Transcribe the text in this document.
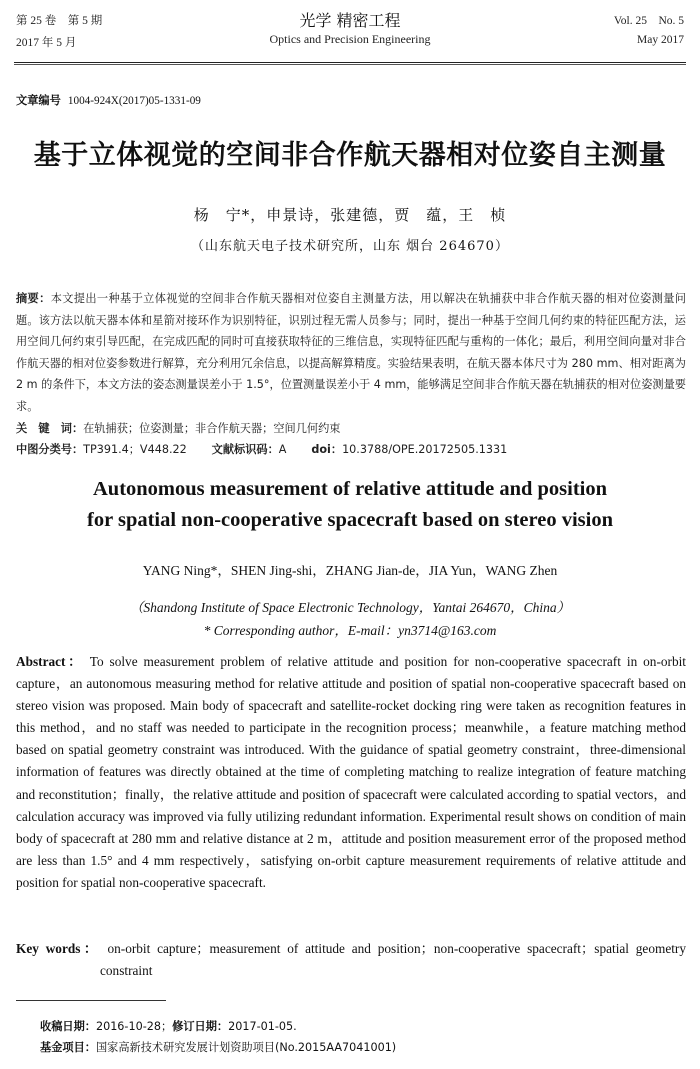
第 25 卷　第 5 期
2017 年 5 月
光学 精密工程
Optics and Precision Engineering
Vol. 25　No. 5
May 2017
文章编号 1004-924X(2017)05-1331-09
基于立体视觉的空间非合作航天器相对位姿自主测量
杨　宁*，申景诗，张建德，贾　蕴，王　桢
（山东航天电子技术研究所，山东 烟台 264670）
摘要：本文提出一种基于立体视觉的空间非合作航天器相对位姿自主测量方法，用以解决在轨捕获中非合作航天器的相对位姿测量问题。该方法以航天器本体和星箭对接环作为识别特征，识别过程无需人员参与；同时，提出一种基于空间几何约束的特征匹配方法，运用空间几何约束引导匹配，在完成匹配的同时可直接获取特征的三维信息，实现特征匹配与重构的一体化；最后，利用空间向量对非合作航天器的相对位姿参数进行解算，充分利用冗余信息，以提高解算精度。实验结果表明，在航天器本体尺寸为 280 mm、相对距离为 2 m 的条件下，本文方法的姿态测量误差小于 1.5°，位置测量误差小于 4 mm，能够满足空间非合作航天器在轨捕获的相对位姿测量要求。
关　键　词：在轨捕获；位姿测量；非合作航天器；空间几何约束
中图分类号：TP391.4；V448.22 文献标识码：A doi：10.3788/OPE.20172505.1331
Autonomous measurement of relative attitude and position
for spatial non-cooperative spacecraft based on stereo vision
YANG Ning*，SHEN Jing-shi，ZHANG Jian-de，JIA Yun，WANG Zhen
（Shandong Institute of Space Electronic Technology，Yantai 264670，China）
* Corresponding author，E-mail：yn3714@163.com
Abstract： To solve measurement problem of relative attitude and position for non-cooperative spacecraft in on-orbit capture，an autonomous measuring method for relative attitude and position of spatial non-cooperative spacecraft based on stereo vision was proposed. Main body of spacecraft and satellite-rocket docking ring were taken as recognition features in this method，and no staff was needed to participate in the recognition process；meanwhile，a feature matching method based on spatial geometry constraint was introduced. With the guidance of spatial geometry constraint，three-dimensional information of features was directly obtained at the time of completing matching to realize integration of feature matching and reconstitution；finally，the relative attitude and position of spacecraft were calculated according to spatial vectors，and calculation accuracy was improved via fully utilizing redundant information. Experimental result shows on condition of main body of spacecraft at 280 mm and relative distance at 2 m，attitude and position measurement error of the proposed method are less than 1.5° and 4 mm respectively，satisfying on-orbit capture measurement requirements of relative attitude and position for spatial non-cooperative spacecraft.
Key words： on-orbit capture；measurement of attitude and position；non-cooperative spacecraft；spatial geometry constraint
收稿日期：2016-10-28；修订日期：2017-01-05.
基金项目：国家高新技术研究发展计划资助项目(No.2015AA7041001)
